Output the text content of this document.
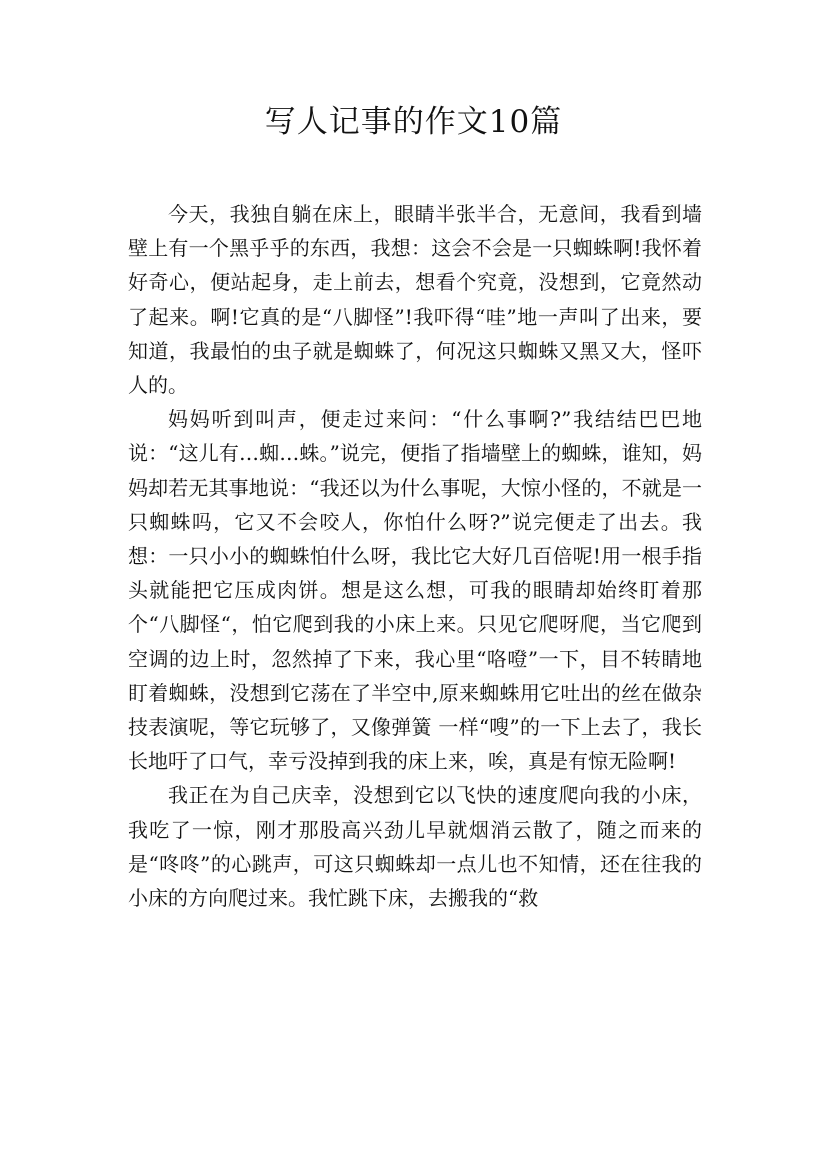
写人记事的作文10篇

今天，我独自躺在床上，眼睛半张半合，无意间，我看到墙壁上有一个黑乎乎的东西，我想：这会不会是一只蜘蛛啊!我怀着好奇心，便站起身，走上前去，想看个究竟，没想到，它竟然动了起来。啊!它真的是“八脚怪”!我吓得“哇”地一声叫了出来，要知道，我最怕的虫子就是蜘蛛了，何况这只蜘蛛又黑又大，怪吓人的。

妈妈听到叫声，便走过来问：“什么事啊?”我结结巴巴地说：“这儿有…蜘…蛛。”说完，便指了指墙壁上的蜘蛛，谁知，妈妈却若无其事地说：“我还以为什么事呢，大惊小怪的，不就是一只蜘蛛吗，它又不会咬人，你怕什么呀?”说完便走了出去。我想：一只小小的蜘蛛怕什么呀，我比它大好几百倍呢!用一根手指头就能把它压成肉饼。想是这么想，可我的眼睛却始终盯着那个“八脚怪“，怕它爬到我的小床上来。只见它爬呀爬，当它爬到空调的边上时，忽然掉了下来，我心里“咯噔”一下，目不转睛地盯着蜘蛛，没想到它荡在了半空中,原来蜘蛛用它吐出的丝在做杂技表演呢，等它玩够了，又像弹簧 一样“嗖”的一下上去了，我长长地吁了口气，幸亏没掉到我的床上来，唉，真是有惊无险啊!

我正在为自己庆幸，没想到它以飞快的速度爬向我的小床，我吃了一惊，刚才那股高兴劲儿早就烟消云散了，随之而来的是“咚咚”的心跳声，可这只蜘蛛却一点儿也不知情，还在往我的小床的方向爬过来。我忙跳下床，去搬我的“救
